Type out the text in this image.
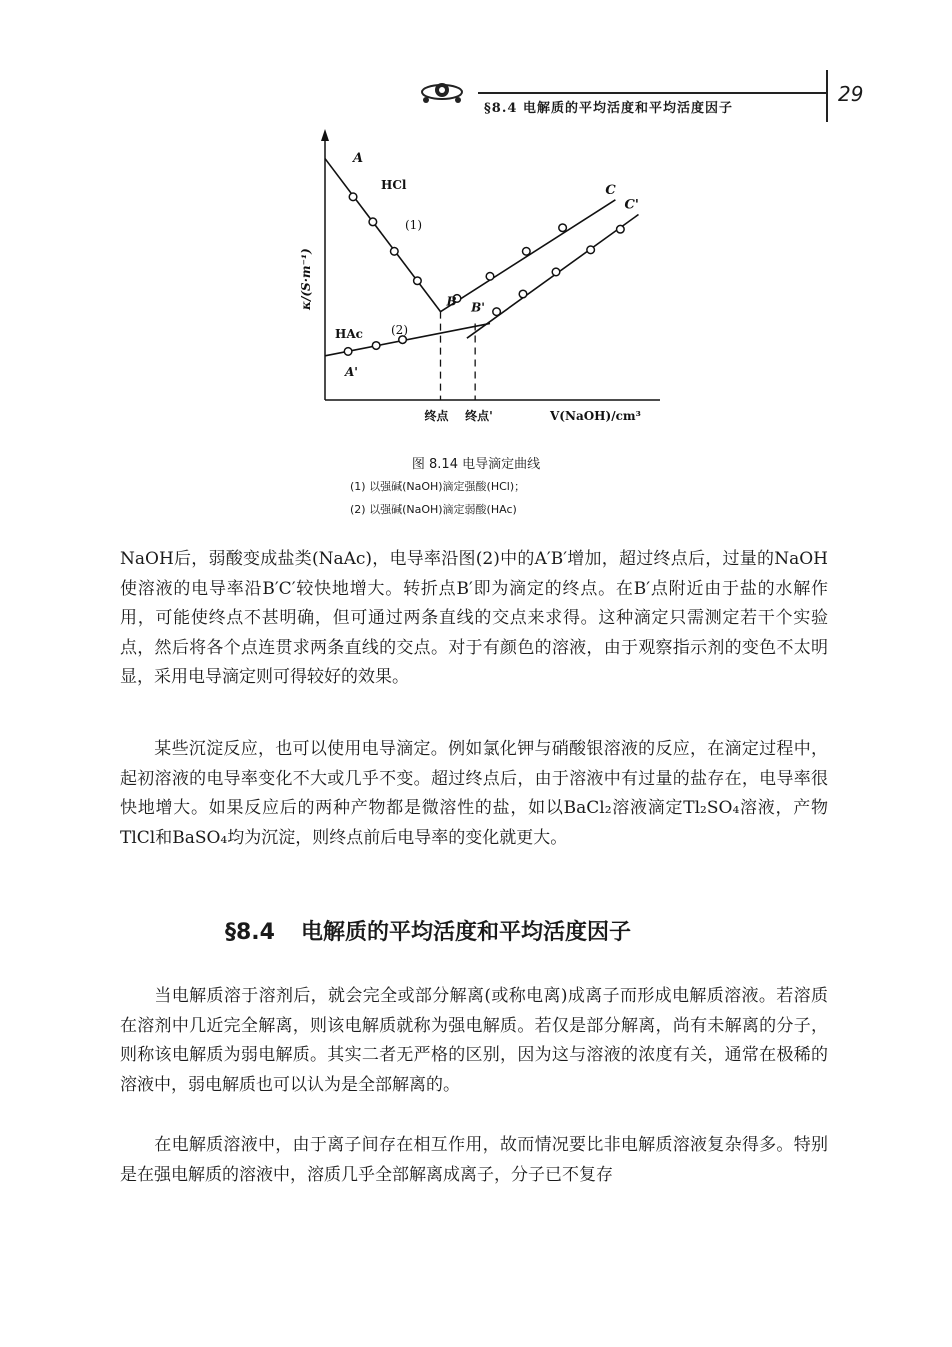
§8.4 电解质的平均活度和平均活度因子
29
κ/(S·m⁻¹)
V(NaOH)/cm³
终点 终点'
A
HCl
(1)
B
C
HAc (2)
A'
B'
C'
图 8.14 电导滴定曲线
(1) 以强碱(NaOH)滴定强酸(HCl)；
(2) 以强碱(NaOH)滴定弱酸(HAc)
NaOH后，弱酸变成盐类(NaAc)，电导率沿图(2)中的A′B′增加，超过终点后，过量的NaOH使溶液的电导率沿B′C′较快地增大。转折点B′即为滴定的终点。在B′点附近由于盐的水解作用，可能使终点不甚明确，但可通过两条直线的交点来求得。这种滴定只需测定若干个实验点，然后将各个点连贯求两条直线的交点。对于有颜色的溶液，由于观察指示剂的变色不太明显，采用电导滴定则可得较好的效果。
某些沉淀反应，也可以使用电导滴定。例如氯化钾与硝酸银溶液的反应，在滴定过程中，起初溶液的电导率变化不大或几乎不变。超过终点后，由于溶液中有过量的盐存在，电导率很快地增大。如果反应后的两种产物都是微溶性的盐，如以BaCl₂溶液滴定Tl₂SO₄溶液，产物TlCl和BaSO₄均为沉淀，则终点前后电导率的变化就更大。
§8.4 电解质的平均活度和平均活度因子
当电解质溶于溶剂后，就会完全或部分解离(或称电离)成离子而形成电解质溶液。若溶质在溶剂中几近完全解离，则该电解质就称为强电解质。若仅是部分解离，尚有未解离的分子，则称该电解质为弱电解质。其实二者无严格的区别，因为这与溶液的浓度有关，通常在极稀的溶液中，弱电解质也可以认为是全部解离的。
在电解质溶液中，由于离子间存在相互作用，故而情况要比非电解质溶液复杂得多。特别是在强电解质的溶液中，溶质几乎全部解离成离子，分子已不复存
